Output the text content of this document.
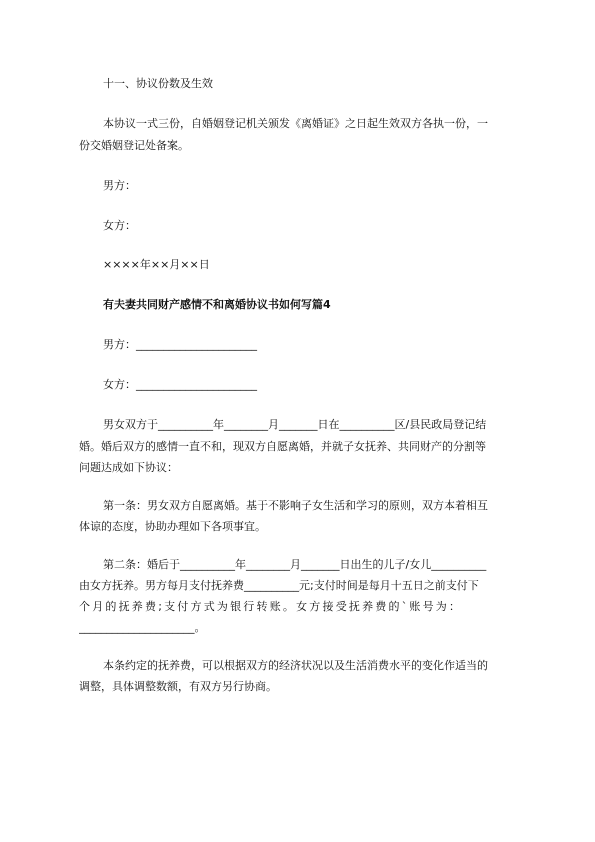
十一、协议份数及生效
本协议一式三份，自婚姻登记机关颁发《离婚证》之日起生效双方各执一份，一
份交婚姻登记处备案。
男方：
女方：
××××年××月××日
有夫妻共同财产感情不和离婚协议书如何写篇4
男方：______________________
女方：______________________
男女双方于__________年________月_______日在__________区/县民政局登记结
婚。婚后双方的感情一直不和，现双方自愿离婚，并就子女抚养、共同财产的分割等
问题达成如下协议：
第一条：男女双方自愿离婚。基于不影响子女生活和学习的原则，双方本着相互
体谅的态度，协助办理如下各项事宜。
第二条：婚后于__________年________月_______日出生的儿子/女儿__________
由女方抚养。男方每月支付抚养费__________元;支付时间是每月十五日之前支付下
个月的抚养费;支付方式为银行转账。女方接受抚养费的`账号为：
_____________________。
本条约定的抚养费，可以根据双方的经济状况以及生活消费水平的变化作适当的
调整，具体调整数额，有双方另行协商。
